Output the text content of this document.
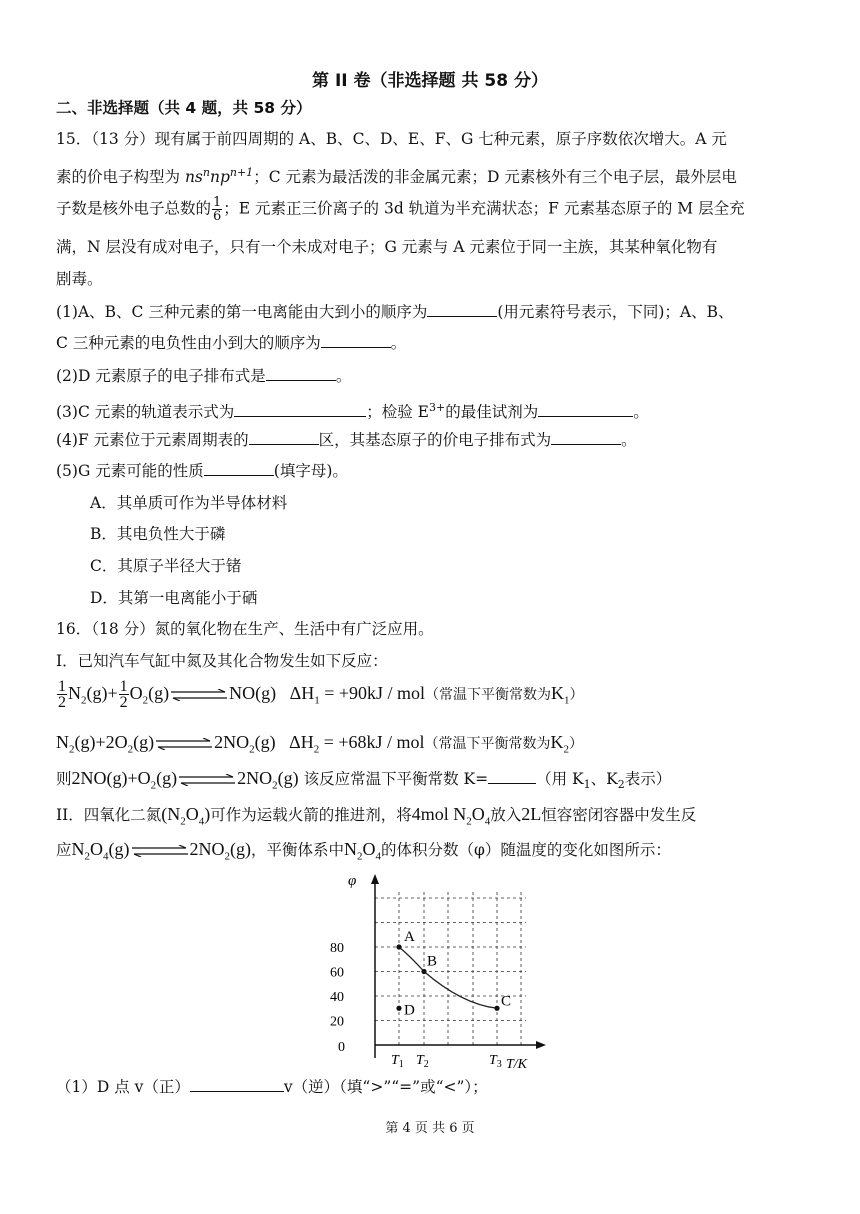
第 II 卷（非选择题 共 58 分）
二、非选择题（共 4 题，共 58 分）
15．（13 分）现有属于前四周期的 A、B、C、D、E、F、G 七种元素，原子序数依次增大。A 元
素的价电子构型为 $ns^nnp^{n+1}$；C 元素为最活泼的非金属元素；D 元素核外有三个电子层，最外层电
子数是核外电子总数的 $\frac{1}{6}$ ；E 元素正三价离子的 3d 轨道为半充满状态；F 元素基态原子的 M 层全充
满，N 层没有成对电子，只有一个未成对电子；G 元素与 A 元素位于同一主族，其某种氧化物有
剧毒。
(1)A、B、C 三种元素的第一电离能由大到小的顺序为	(用元素符号表示，下同)；A、B、
C 三种元素的电负性由小到大的顺序为	。
(2)D 元素原子的电子排布式是	。
(3)C 元素的轨道表示式为	；检验 $E^{3+}$的最佳试剂为	。
(4)F 元素位于元素周期表的	区，其基态原子的价电子排布式为	。
(5)G 元素可能的性质	(填字母)。
A．其单质可作为半导体材料
B．其电负性大于磷
C．其原子半径大于锗
D．其第一电离能小于硒
16．（18 分）氮的氧化物在生产、生活中有广泛应用。
I．已知汽车气缸中氮及其化合物发生如下反应：
$\frac{1}{2} N_2(g)+ \frac{1}{2} O_2(g)$ ⇌ NO(g) $\Delta H_1 = +90kJ / mol$（常温下平衡常数为$K_1$）
$N_2(g)+2O_2(g)$ ⇌ $2NO_2(g) \Delta H_2 = +68kJ / mol$（常温下平衡常数为$K_2$）
则$2NO(g)+O_2(g)$ ⇌ $2NO_2(g)$ 该反应常温下平衡常数 K=	（用 $K_1$、$K_2$表示）
II．四氧化二氮$(N_2O_4)$可作为运载火箭的推进剂，将4mol $N_2O_4$放入2L恒容密闭容器中发生反
应$N_2O_4(g)$ ⇌ $2NO_2(g)$，平衡体系中$N_2O_4$的体积分数（φ）随温度的变化如图所示：
φ
T/K
0
20
40
60
80
$T_1$ $T_2$	$T_3$
A
B
C
D
（1）D 点 v（正）	v（逆）（填“>”“=”或“<”）；
第 4 页 共 6 页
